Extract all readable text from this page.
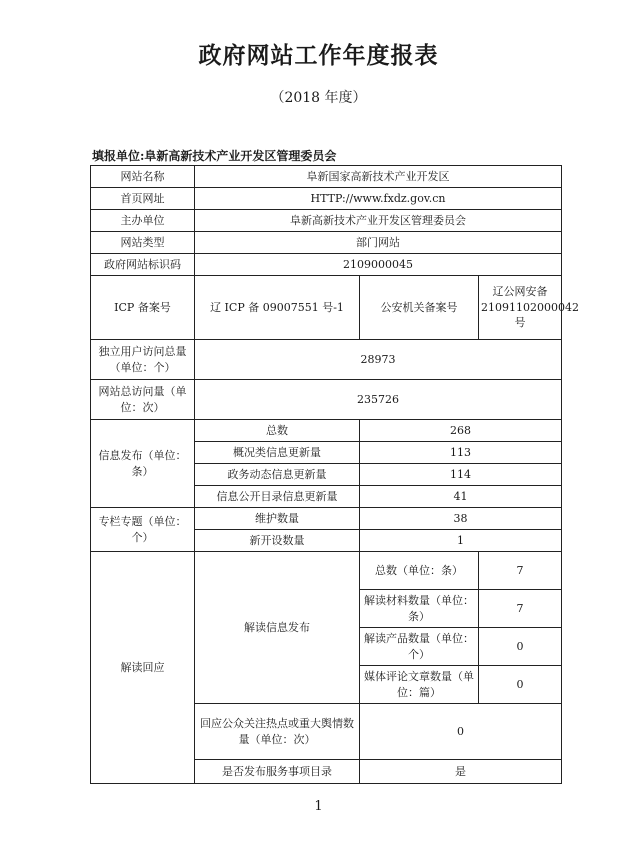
政府网站工作年度报表
（2018 年度）
填报单位:阜新高新技术产业开发区管理委员会
网站名称	阜新国家高新技术产业开发区		
首页网址	HTTP://www.fxdz.gov.cn		
主办单位	阜新高新技术产业开发区管理委员会		
网站类型	部门网站		
政府网站标识码	2109000045		
ICP 备案号	辽 ICP 备 09007551 号-1	公安机关备案号	辽公网安备21091102000042 号
独立用户访问总量（单位：个）	28973		
网站总访问量（单位：次）	235726		
信息发布（单位：条）	总数	268	
	概况类信息更新量	113	
	政务动态信息更新量	114	
	信息公开目录信息更新量	41	
专栏专题（单位：个）	维护数量	38	
	新开设数量	1	
解读回应	解读信息发布	总数（单位：条）	7
		解读材料数量（单位：条）	7
		解读产品数量（单位：个）	0
		媒体评论文章数量（单位：篇）	0
	回应公众关注热点或重大舆情数量（单位：次）	0	
	是否发布服务事项目录	是	
1
